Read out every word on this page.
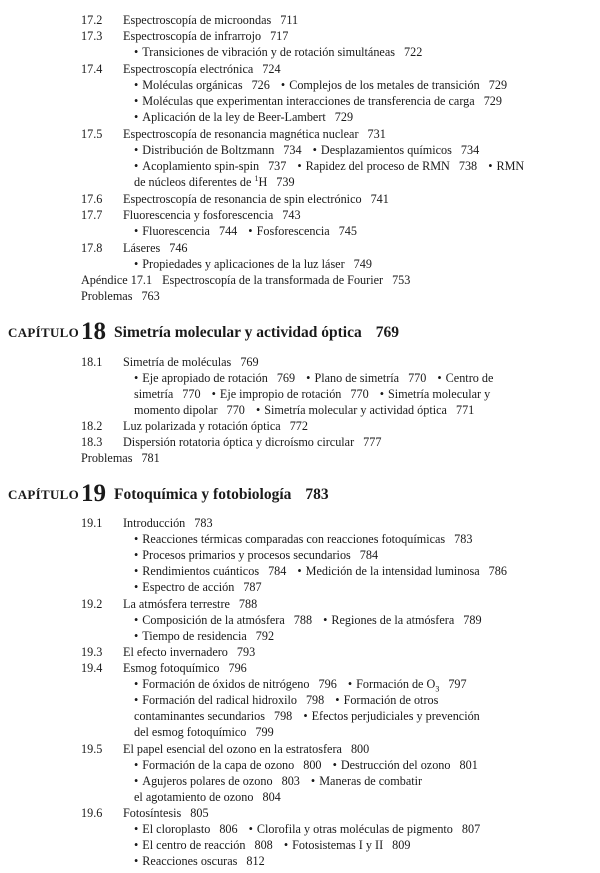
17.2 Espectroscopía de microondas 711
17.3 Espectroscopía de infrarrojo 717
• Transiciones de vibración y de rotación simultáneas 722
17.4 Espectroscopía electrónica 724
• Moléculas orgánicas 726 • Complejos de los metales de transición 729
• Moléculas que experimentan interacciones de transferencia de carga 729
• Aplicación de la ley de Beer-Lambert 729
17.5 Espectroscopía de resonancia magnética nuclear 731
• Distribución de Boltzmann 734 • Desplazamientos químicos 734
• Acoplamiento spin-spin 737 • Rapidez del proceso de RMN 738 • RMN
de núcleos diferentes de $^1$H 739
17.6 Espectroscopía de resonancia de spin electrónico 741
17.7 Fluorescencia y fosforescencia 743
• Fluorescencia 744 • Fosforescencia 745
17.8 Láseres 746
• Propiedades y aplicaciones de la luz láser 749
Apéndice 17.1 Espectroscopía de la transformada de Fourier 753
Problemas 763
CAPÍTULO18 Simetría molecular y actividad óptica 769
18.1 Simetría de moléculas 769
• Eje apropiado de rotación 769 • Plano de simetría 770 • Centro de
simetría 770 • Eje impropio de rotación 770 • Simetría molecular y
momento dipolar 770 • Simetría molecular y actividad óptica 771
18.2 Luz polarizada y rotación óptica 772
18.3 Dispersión rotatoria óptica y dicroísmo circular 777
Problemas 781
CAPÍTULO19 Fotoquímica y fotobiología 783
19.1 Introducción 783
• Reacciones térmicas comparadas con reacciones fotoquímicas 783
• Procesos primarios y procesos secundarios 784
• Rendimientos cuánticos 784 • Medición de la intensidad luminosa 786
• Espectro de acción 787
19.2 La atmósfera terrestre 788
• Composición de la atmósfera 788 • Regiones de la atmósfera 789
• Tiempo de residencia 792
19.3 El efecto invernadero 793
19.4 Esmog fotoquímico 796
• Formación de óxidos de nitrógeno 796 • Formación de $O_3$ 797
• Formación del radical hidroxilo 798 • Formación de otros
contaminantes secundarios 798 • Efectos perjudiciales y prevención
del esmog fotoquímico 799
19.5 El papel esencial del ozono en la estratosfera 800
• Formación de la capa de ozono 800 • Destrucción del ozono 801
• Agujeros polares de ozono 803 • Maneras de combatir
el agotamiento de ozono 804
19.6 Fotosíntesis 805
• El cloroplasto 806 • Clorofila y otras moléculas de pigmento 807
• El centro de reacción 808 • Fotosistemas I y II 809
• Reacciones oscuras 812
